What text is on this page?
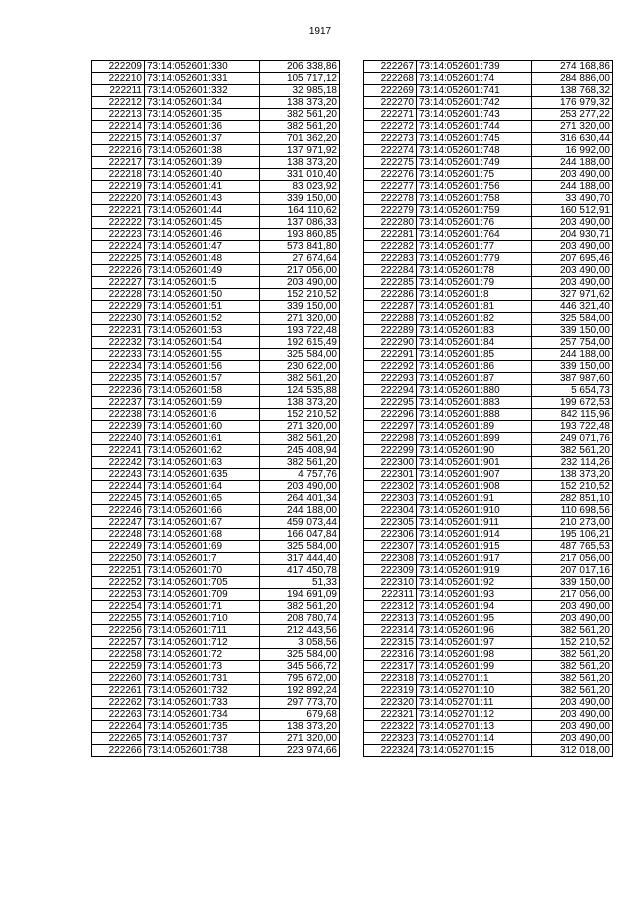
1917
222209	73:14:052601:330	206 338,86
222210	73:14:052601:331	105 717,12
222211	73:14:052601:332	32 985,18
222212	73:14:052601:34	138 373,20
222213	73:14:052601:35	382 561,20
222214	73:14:052601:36	382 561,20
222215	73:14:052601:37	701 362,20
222216	73:14:052601:38	137 971,92
222217	73:14:052601:39	138 373,20
222218	73:14:052601:40	331 010,40
222219	73:14:052601:41	83 023,92
222220	73:14:052601:43	339 150,00
222221	73:14:052601:44	164 110,62
222222	73:14:052601:45	137 086,33
222223	73:14:052601:46	193 860,85
222224	73:14:052601:47	573 841,80
222225	73:14:052601:48	27 674,64
222226	73:14:052601:49	217 056,00
222227	73:14:052601:5	203 490,00
222228	73:14:052601:50	152 210,52
222229	73:14:052601:51	339 150,00
222230	73:14:052601:52	271 320,00
222231	73:14:052601:53	193 722,48
222232	73:14:052601:54	192 615,49
222233	73:14:052601:55	325 584,00
222234	73:14:052601:56	230 622,00
222235	73:14:052601:57	382 561,20
222236	73:14:052601:58	124 535,88
222237	73:14:052601:59	138 373,20
222238	73:14:052601:6	152 210,52
222239	73:14:052601:60	271 320,00
222240	73:14:052601:61	382 561,20
222241	73:14:052601:62	245 408,94
222242	73:14:052601:63	382 561,20
222243	73:14:052601:635	4 757,76
222244	73:14:052601:64	203 490,00
222245	73:14:052601:65	264 401,34
222246	73:14:052601:66	244 188,00
222247	73:14:052601:67	459 073,44
222248	73:14:052601:68	166 047,84
222249	73:14:052601:69	325 584,00
222250	73:14:052601:7	317 444,40
222251	73:14:052601:70	417 450,78
222252	73:14:052601:705	51,33
222253	73:14:052601:709	194 691,09
222254	73:14:052601:71	382 561,20
222255	73:14:052601:710	208 780,74
222256	73:14:052601:711	212 443,56
222257	73:14:052601:712	3 058,56
222258	73:14:052601:72	325 584,00
222259	73:14:052601:73	345 566,72
222260	73:14:052601:731	795 672,00
222261	73:14:052601:732	192 892,24
222262	73:14:052601:733	297 773,70
222263	73:14:052601:734	679,68
222264	73:14:052601:735	138 373,20
222265	73:14:052601:737	271 320,00
222266	73:14:052601:738	223 974,66
222267	73:14:052601:739	274 168,86
222268	73:14:052601:74	284 886,00
222269	73:14:052601:741	138 768,32
222270	73:14:052601:742	176 979,32
222271	73:14:052601:743	253 277,22
222272	73:14:052601:744	271 320,00
222273	73:14:052601:745	316 630,44
222274	73:14:052601:748	16 992,00
222275	73:14:052601:749	244 188,00
222276	73:14:052601:75	203 490,00
222277	73:14:052601:756	244 188,00
222278	73:14:052601:758	33 490,70
222279	73:14:052601:759	160 512,91
222280	73:14:052601:76	203 490,00
222281	73:14:052601:764	204 930,71
222282	73:14:052601:77	203 490,00
222283	73:14:052601:779	207 695,46
222284	73:14:052601:78	203 490,00
222285	73:14:052601:79	203 490,00
222286	73:14:052601:8	327 971,62
222287	73:14:052601:81	446 321,40
222288	73:14:052601:82	325 584,00
222289	73:14:052601:83	339 150,00
222290	73:14:052601:84	257 754,00
222291	73:14:052601:85	244 188,00
222292	73:14:052601:86	339 150,00
222293	73:14:052601:87	387 987,60
222294	73:14:052601:880	5 654,73
222295	73:14:052601:883	199 672,53
222296	73:14:052601:888	842 115,96
222297	73:14:052601:89	193 722,48
222298	73:14:052601:899	249 071,76
222299	73:14:052601:90	382 561,20
222300	73:14:052601:901	232 114,26
222301	73:14:052601:907	138 373,20
222302	73:14:052601:908	152 210,52
222303	73:14:052601:91	282 851,10
222304	73:14:052601:910	110 698,56
222305	73:14:052601:911	210 273,00
222306	73:14:052601:914	195 106,21
222307	73:14:052601:915	487 765,53
222308	73:14:052601:917	217 056,00
222309	73:14:052601:919	207 017,16
222310	73:14:052601:92	339 150,00
222311	73:14:052601:93	217 056,00
222312	73:14:052601:94	203 490,00
222313	73:14:052601:95	203 490,00
222314	73:14:052601:96	382 561,20
222315	73:14:052601:97	152 210,52
222316	73:14:052601:98	382 561,20
222317	73:14:052601:99	382 561,20
222318	73:14:052701:1	382 561,20
222319	73:14:052701:10	382 561,20
222320	73:14:052701:11	203 490,00
222321	73:14:052701:12	203 490,00
222322	73:14:052701:13	203 490,00
222323	73:14:052701:14	203 490,00
222324	73:14:052701:15	312 018,00
